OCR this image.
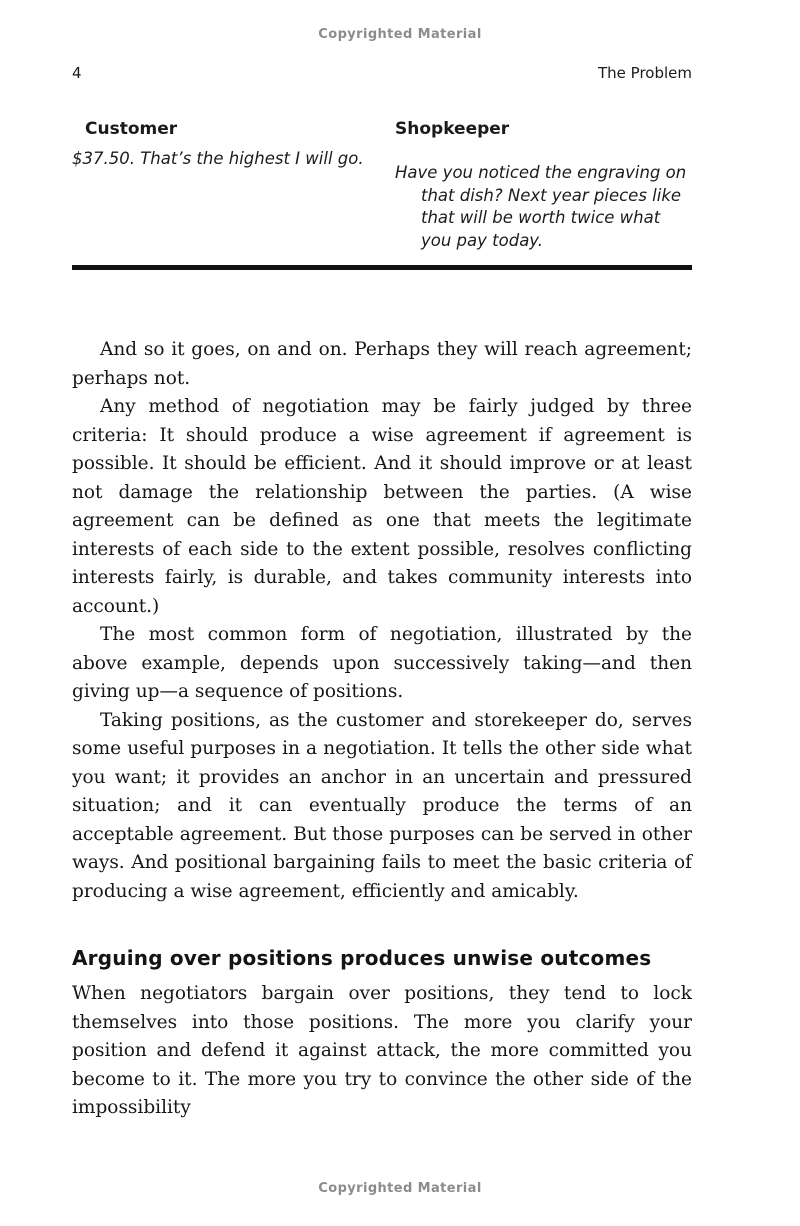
Copyrighted Material
4	The Problem
Customer
$37.50. That’s the highest I will go.
Shopkeeper
Have you noticed the engraving on that dish? Next year pieces like that will be worth twice what you pay today.

And so it goes, on and on. Perhaps they will reach agreement; perhaps not.

Any method of negotiation may be fairly judged by three criteria: It should produce a wise agreement if agreement is possible. It should be efficient. And it should improve or at least not damage the relationship between the parties. (A wise agreement can be defined as one that meets the legitimate interests of each side to the extent possible, resolves conflicting interests fairly, is durable, and takes community interests into account.)

The most common form of negotiation, illustrated by the above example, depends upon successively taking—and then giving up—a sequence of positions.

Taking positions, as the customer and storekeeper do, serves some useful purposes in a negotiation. It tells the other side what you want; it provides an anchor in an uncertain and pressured situation; and it can eventually produce the terms of an acceptable agreement. But those purposes can be served in other ways. And positional bargaining fails to meet the basic criteria of producing a wise agreement, efficiently and amicably.

Arguing over positions produces unwise outcomes

When negotiators bargain over positions, they tend to lock themselves into those positions. The more you clarify your position and defend it against attack, the more committed you become to it. The more you try to convince the other side of the impossibility

Copyrighted Material
